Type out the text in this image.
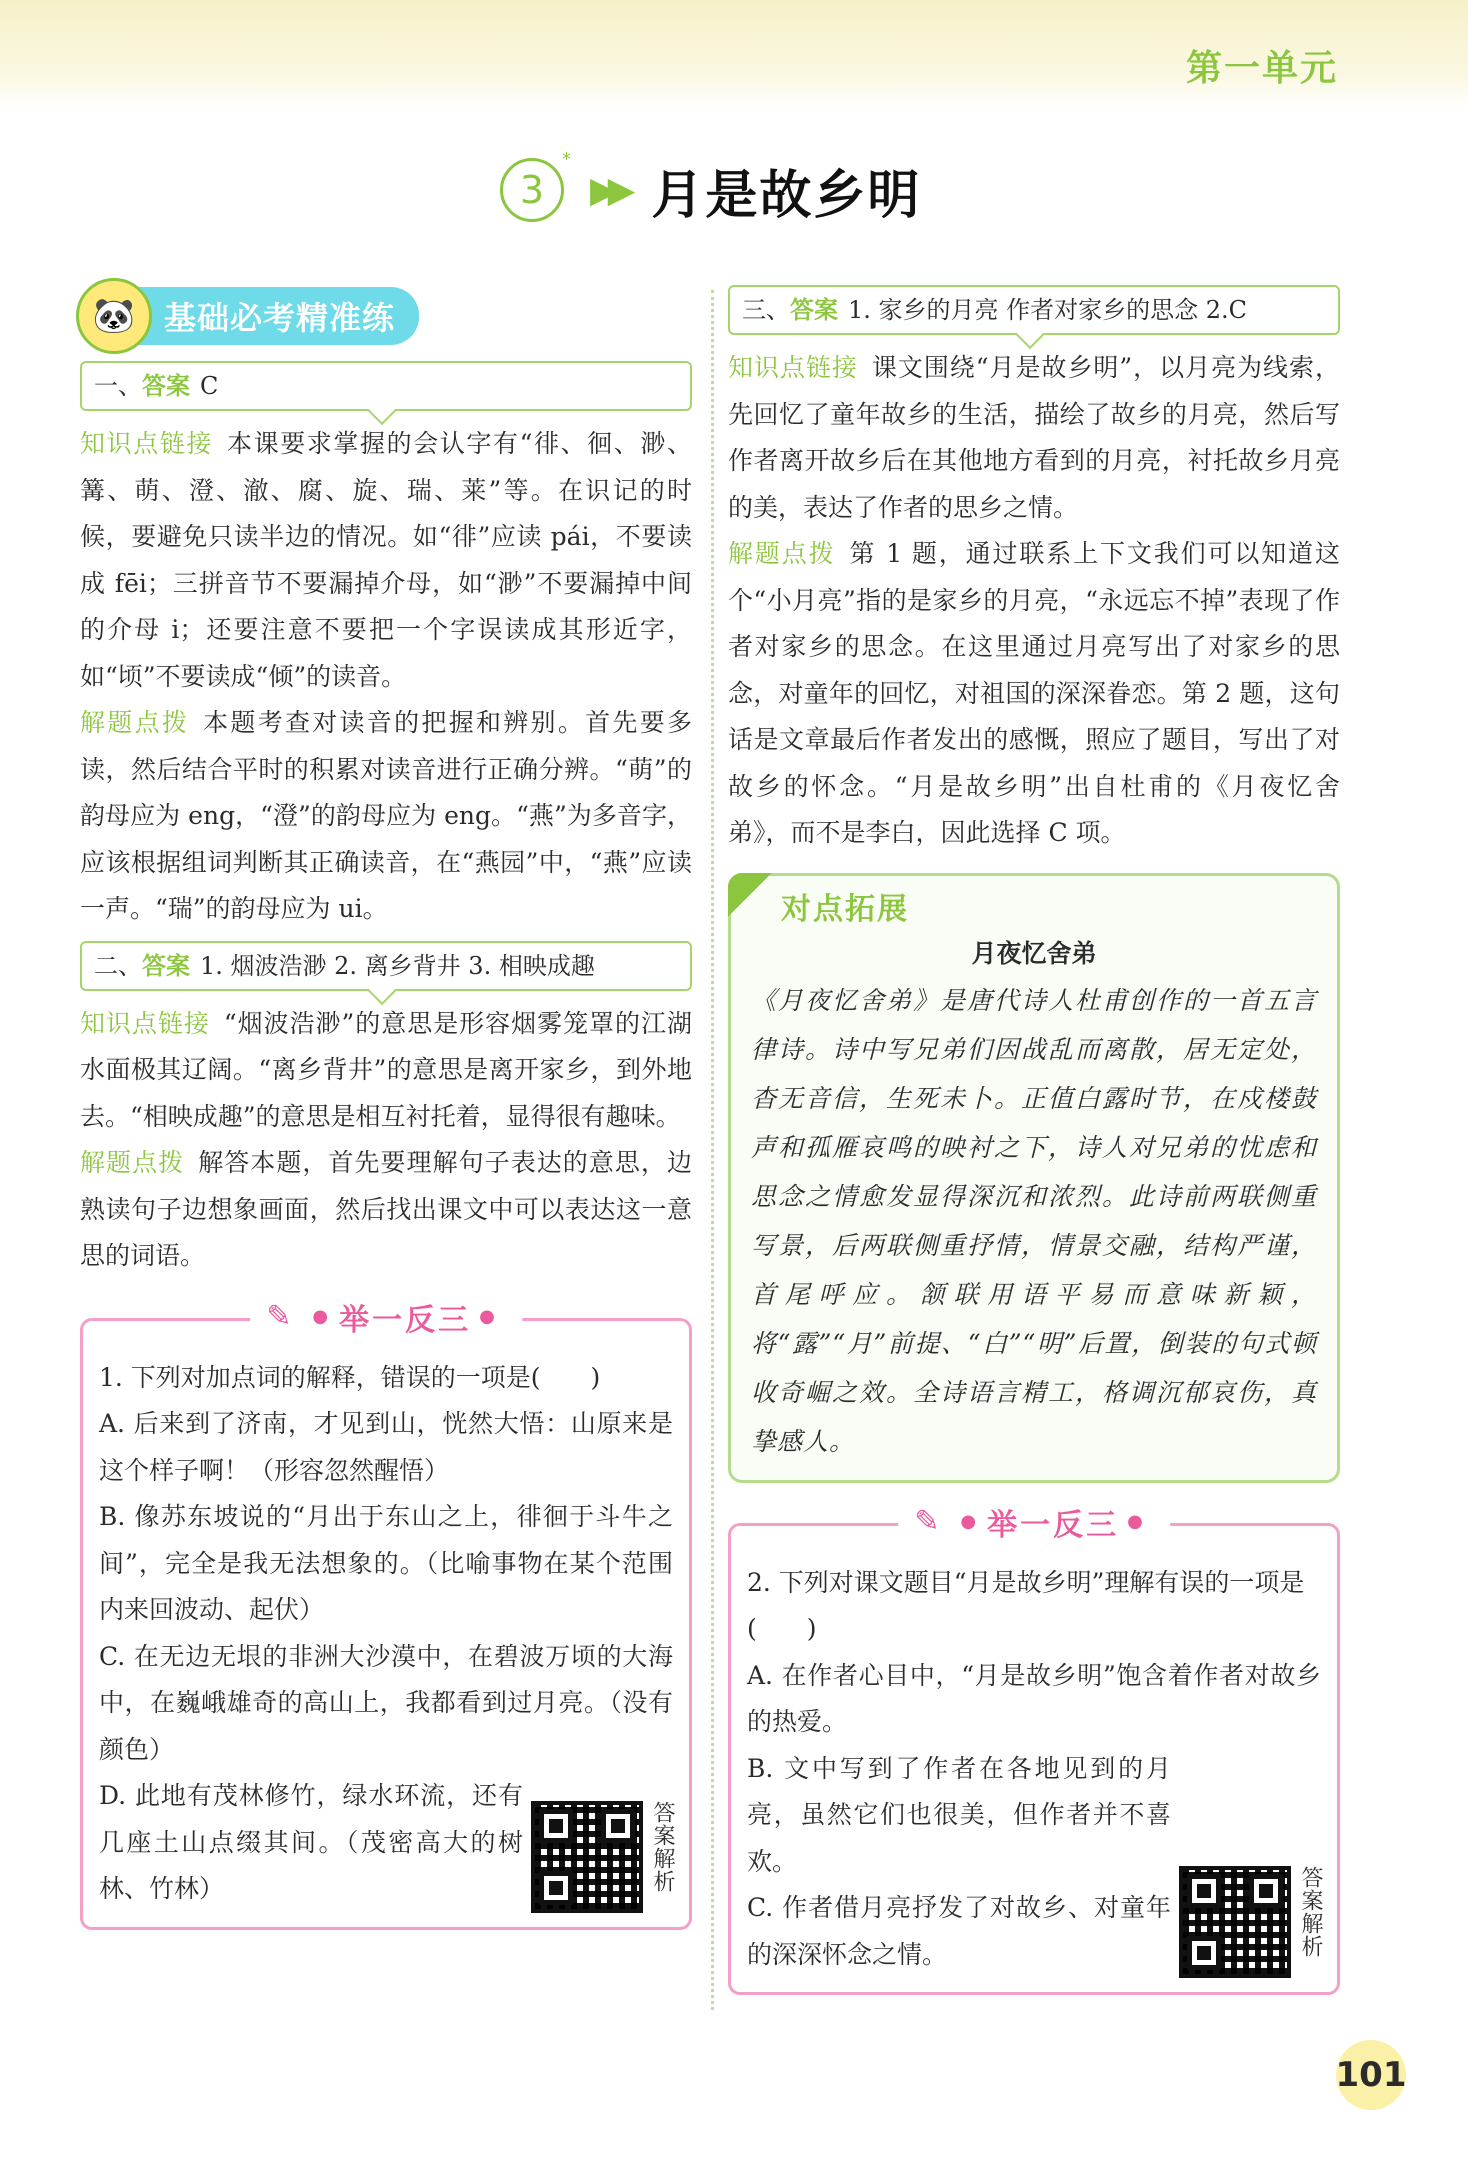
第一单元
3
*
▶▶ 月是故乡明
🐼 基础必考精准练
一、答案 C

知识点链接 本课要求掌握的会认字有“徘、徊、渺、篝、萌、澄、澈、腐、旋、瑞、莱”等。在识记的时候，要避免只读半边的情况。如“徘”应读 pái，不要读成 fēi；三拼音节不要漏掉介母，如“渺”不要漏掉中间的介母 i；还要注意不要把一个字误读成其形近字，如“顷”不要读成“倾”的读音。

解题点拨 本题考查对读音的把握和辨别。首先要多读，然后结合平时的积累对读音进行正确分辨。“萌”的韵母应为 eng，“澄”的韵母应为 eng。“燕”为多音字，应该根据组词判断其正确读音，在“燕园”中，“燕”应读一声。“瑞”的韵母应为 ui。

二、答案 1. 烟波浩渺 2. 离乡背井 3. 相映成趣

知识点链接 “烟波浩渺”的意思是形容烟雾笼罩的江湖水面极其辽阔。“离乡背井”的意思是离开家乡，到外地去。“相映成趣”的意思是相互衬托着，显得很有趣味。

解题点拨 解答本题，首先要理解句子表达的意思，边熟读句子边想象画面，然后找出课文中可以表达这一意思的词语。

✎ ● 举一反三 ●

1. 下列对加点词的解释，错误的一项是(　　)

A. 后来到了济南，才见到山，恍然大悟：山原来是这个样子啊！（形容忽然醒悟）

B. 像苏东坡说的“月出于东山之上，徘徊于斗牛之间”，完全是我无法想象的。（比喻事物在某个范围内来回波动、起伏）

C. 在无边无垠的非洲大沙漠中，在碧波万顷的大海中，在巍峨雄奇的高山上，我都看到过月亮。（没有颜色）

D. 此地有茂林修竹，绿水环流，还有几座土山点缀其间。（茂密高大的树林、竹林）	答案解析
三、答案 1. 家乡的月亮 作者对家乡的思念 2.C

知识点链接 课文围绕“月是故乡明”，以月亮为线索，先回忆了童年故乡的生活，描绘了故乡的月亮，然后写作者离开故乡后在其他地方看到的月亮，衬托故乡月亮的美，表达了作者的思乡之情。

解题点拨 第 1 题，通过联系上下文我们可以知道这个“小月亮”指的是家乡的月亮，“永远忘不掉”表现了作者对家乡的思念。在这里通过月亮写出了对家乡的思念，对童年的回忆，对祖国的深深眷恋。第 2 题，这句话是文章最后作者发出的感慨，照应了题目，写出了对故乡的怀念。“月是故乡明”出自杜甫的《月夜忆舍弟》，而不是李白，因此选择 C 项。

对点拓展
月夜忆舍弟

《月夜忆舍弟》是唐代诗人杜甫创作的一首五言律诗。诗中写兄弟们因战乱而离散，居无定处，杳无音信，生死未卜。正值白露时节，在戍楼鼓声和孤雁哀鸣的映衬之下，诗人对兄弟的忧虑和思念之情愈发显得深沉和浓烈。此诗前两联侧重写景，后两联侧重抒情，情景交融，结构严谨，首尾呼应。颔联用语平易而意味新颖，将“露”“月”前提、“白”“明”后置，倒装的句式顿收奇崛之效。全诗语言精工，格调沉郁哀伤，真挚感人。

✎ ● 举一反三 ●

2. 下列对课文题目“月是故乡明”理解有误的一项是(　　)

A. 在作者心目中，“月是故乡明”饱含着作者对故乡的热爱。

B. 文中写到了作者在各地见到的月亮，虽然它们也很美，但作者并不喜欢。

C. 作者借月亮抒发了对故乡、对童年的深深怀念之情。	答案解析
101
